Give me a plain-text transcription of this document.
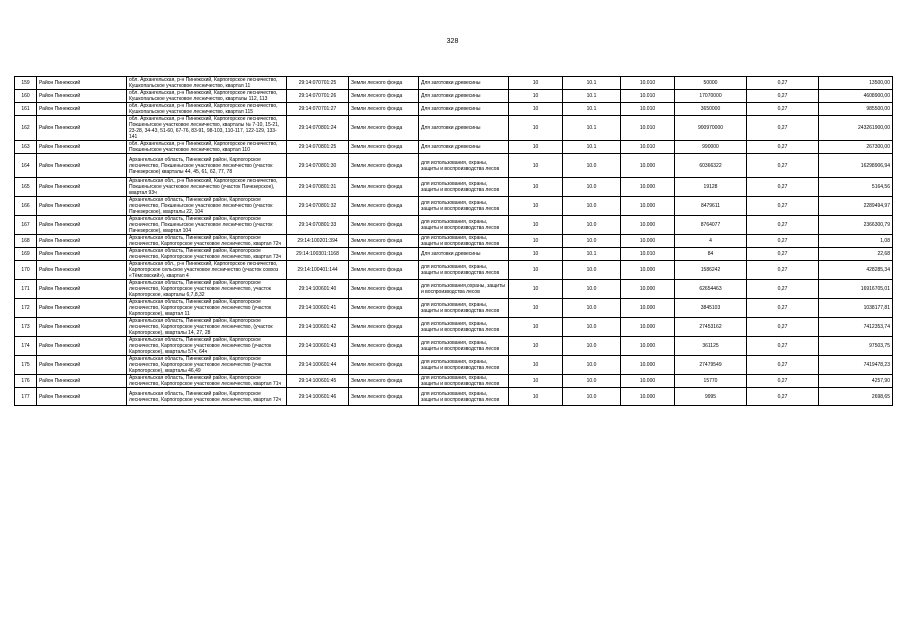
328
159	Район Пинежский	обл. Архангельская, р-н Пинежский, Карпогорское лесничество, Кушкопальское участковое лесничество, квартал 11	29:14:070701:25	Земли лесного фонда	Для заготовки древесины	10	10.1	10.010	50000	0,27	13500,00
160	Район Пинежский	обл. Архангельская, р-н Пинежский, Карпогорское лесничество, Кушкопальское участковое лесничество, кварталы 112, 113	29:14:070701:26	Земли лесного фонда	Для заготовки древесины	10	10.1	10.010	17070000	0,27	4608900,00
161	Район Пинежский	обл. Архангельская, р-н Пинежский, Карпогорское лесничество, Кушкопальское участковое лесничество, квартал 115	29:14:070701:27	Земли лесного фонда	Для заготовки древесины	10	10.1	10.010	3650000	0,27	985500,00
162	Район Пинежский	обл. Архангельская, р-н Пинежский, Карпогорское лесничество, Покшеньгское участковое лесничество, кварталы № 7-10, 15-21, 23-28, 34-43, 51-60, 67-76, 83-91, 98-103, 110-117, 122-129, 133-141	29:14:070801:24	Земли лесного фонда	Для заготовки древесины	10	10.1	10.010	900970000	0,27	243261900,00
163	Район Пинежский	обл. Архангельская, р-н Пинежский, Карпогорское лесничество, Покшеньгское участковое лесничество, квартал 110	29:14:070801:25	Земли лесного фонда	Для заготовки древесины	10	10.1	10.010	990000	0,27	267300,00
164	Район Пинежский	Архангельская область, Пинежский район, Карпогорское лесничество, Покшеньгское участковое лесничество (участок Пачезерское) кварталы 44, 45, 61, 62, 77, 78	29:14:070801:30	Земли лесного фонда	для использования, охраны, защиты и воспроизводства лесов	10	10.0	10.000	60366322	0,27	16298906,94
165	Район Пинежский	Архангельская обл., р-н Пинежский, Карпогорское лесничество, Покшеньгское участковое лесничество (участок Пачезерское), квартал 93ч	29:14:070801:31	Земли лесного фонда	для использования, охраны, защиты и воспроизводства лесов	10	10.0	10.000	19128	0,27	5164,56
166	Район Пинежский	Архангельская область, Пинежский район, Карпогорское лесничество, Покшеньгское участковое лесничество (участок Пачезерское), кварталы 22, 104	29:14:070801:32	Земли лесного фонда	для использования, охраны, защиты и воспроизводства лесов	10	10.0	10.000	8479611	0,27	2289494,97
167	Район Пинежский	Архангельская область, Пинежский район, Карпогорское лесничество, Покшеньгское участковое лесничество (участок Пачезерское), квартал 104	29:14:070801:33	Земли лесного фонда	для использования, охраны, защиты и воспроизводства лесов	10	10.0	10.000	8764077	0,27	2366300,79
168	Район Пинежский	Архангельская область, Пинежский район, Карпогорское лесничество, Карпогорское участковое лесничество, квартал 72ч	29:14:100201:394	Земли лесного фонда	для использования, охраны, защиты и воспроизводства лесов	10	10.0	10.000	4	0,27	1,08
169	Район Пинежский	Архангельская область, Пинежский район, Карпогорское лесничество, Карпогорское участковое лесничество, квартал 73ч	29:14:100301:1168	Земли лесного фонда	Для заготовки древесины	10	10.1	10.010	84	0,27	22,68
170	Район Пинежский	Архангельская обл., р-н Пинежский, Карпогорское лесничество, Карпогорское сельское участковое лесничество (участок совхоз «Тёмсовский»), квартал 4	29:14:100401:144	Земли лесного фонда	для использования, охраны, защиты и воспроизводства лесов	10	10.0	10.000	1586242	0,27	428285,34
171	Район Пинежский	Архангельская область, Пинежский район, Карпогорское лесничество, Карпогорское участковое лесничество, участок Карпогорское, кварталы 6,7,8,32	29:14:100601:40	Земли лесного фонда	для использования,охраны, защиты и воспроизводства лесов	10	10.0	10.000	62654463	0,27	16916705,01
172	Район Пинежский	Архангельская область, Пинежский район, Карпогорское лесничество, Карпогорское участковое лесничество (участок Карпогорское), квартал 11	29:14:100601:41	Земли лесного фонда	для использования, охраны, защиты и воспроизводства лесов	10	10.0	10.000	3845103	0,27	1038177,81
173	Район Пинежский	Архангельская область, Пинежский район, Карпогорское лесничество, Карпогорское участковое лесничество, (участок Карпогорское), кварталы 14, 27, 28	29:14:100601:42	Земли лесного фонда	для использования, охраны, защиты и воспроизводства лесов	10	10.0	10.000	27453162	0,27	7412353,74
174	Район Пинежский	Архангельская область, Пинежский район, Карпогорское лесничество, Карпогорское участковое лесничество (участок Карпогорское), кварталы 57ч, 64ч	29:14:100601:43	Земли лесного фонда	для использования, охраны, защиты и воспроизводства лесов	10	10.0	10.000	361125	0,27	97503,75
175	Район Пинежский	Архангельская область, Пинежский район, Карпогорское лесничество, Карпогорское участковое лесничество (участок Карпогорское), кварталы 46,49	29:14:100601:44	Земли лесного фонда	для использования, охраны, защиты и воспроизводства лесов	10	10.0	10.000	27479549	0,27	7419478,23
176	Район Пинежский	Архангельская область, Пинежский район, Карпогорское лесничество, Карпогорское участковое лесничество, квартал 71ч	29:14:100601:45	Земли лесного фонда	для использования, охраны, защиты и воспроизводства лесов	10	10.0	10.000	15770	0,27	4257,90
177	Район Пинежский	Архангельская область, Пинежский район, Карпогорское лесничество, Карпогорское участковое лесничество, квартал 72ч	29:14:100601:46	Земли лесного фонда	для использования, охраны, защиты и воспроизводства лесов	10	10.0	10.000	9995	0,27	2698,65
